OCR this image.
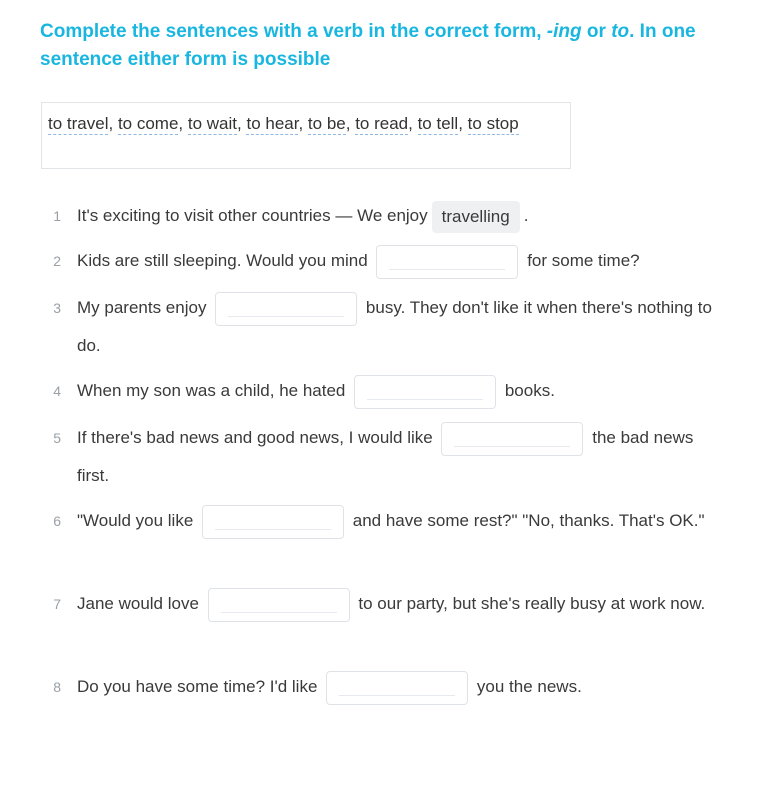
Complete the sentences with a verb in the correct form, -ing or to. In one sentence either form is possible
to travel, to come, to wait, to hear, to be, to read, to tell, to stop
1 It's exciting to visit other countries — We enjoy travelling .
2 Kids are still sleeping. Would you mind	for some time?
3 My parents enjoy	busy. They don't like it when there's nothing to do.
4 When my son was a child, he hated	books.
5 If there's bad news and good news, I would like	the bad news first.
6 "Would you like	and have some rest?" "No, thanks. That's OK."
7 Jane would love	to our party, but she's really busy at work now.
8 Do you have some time? I'd like	you the news.
